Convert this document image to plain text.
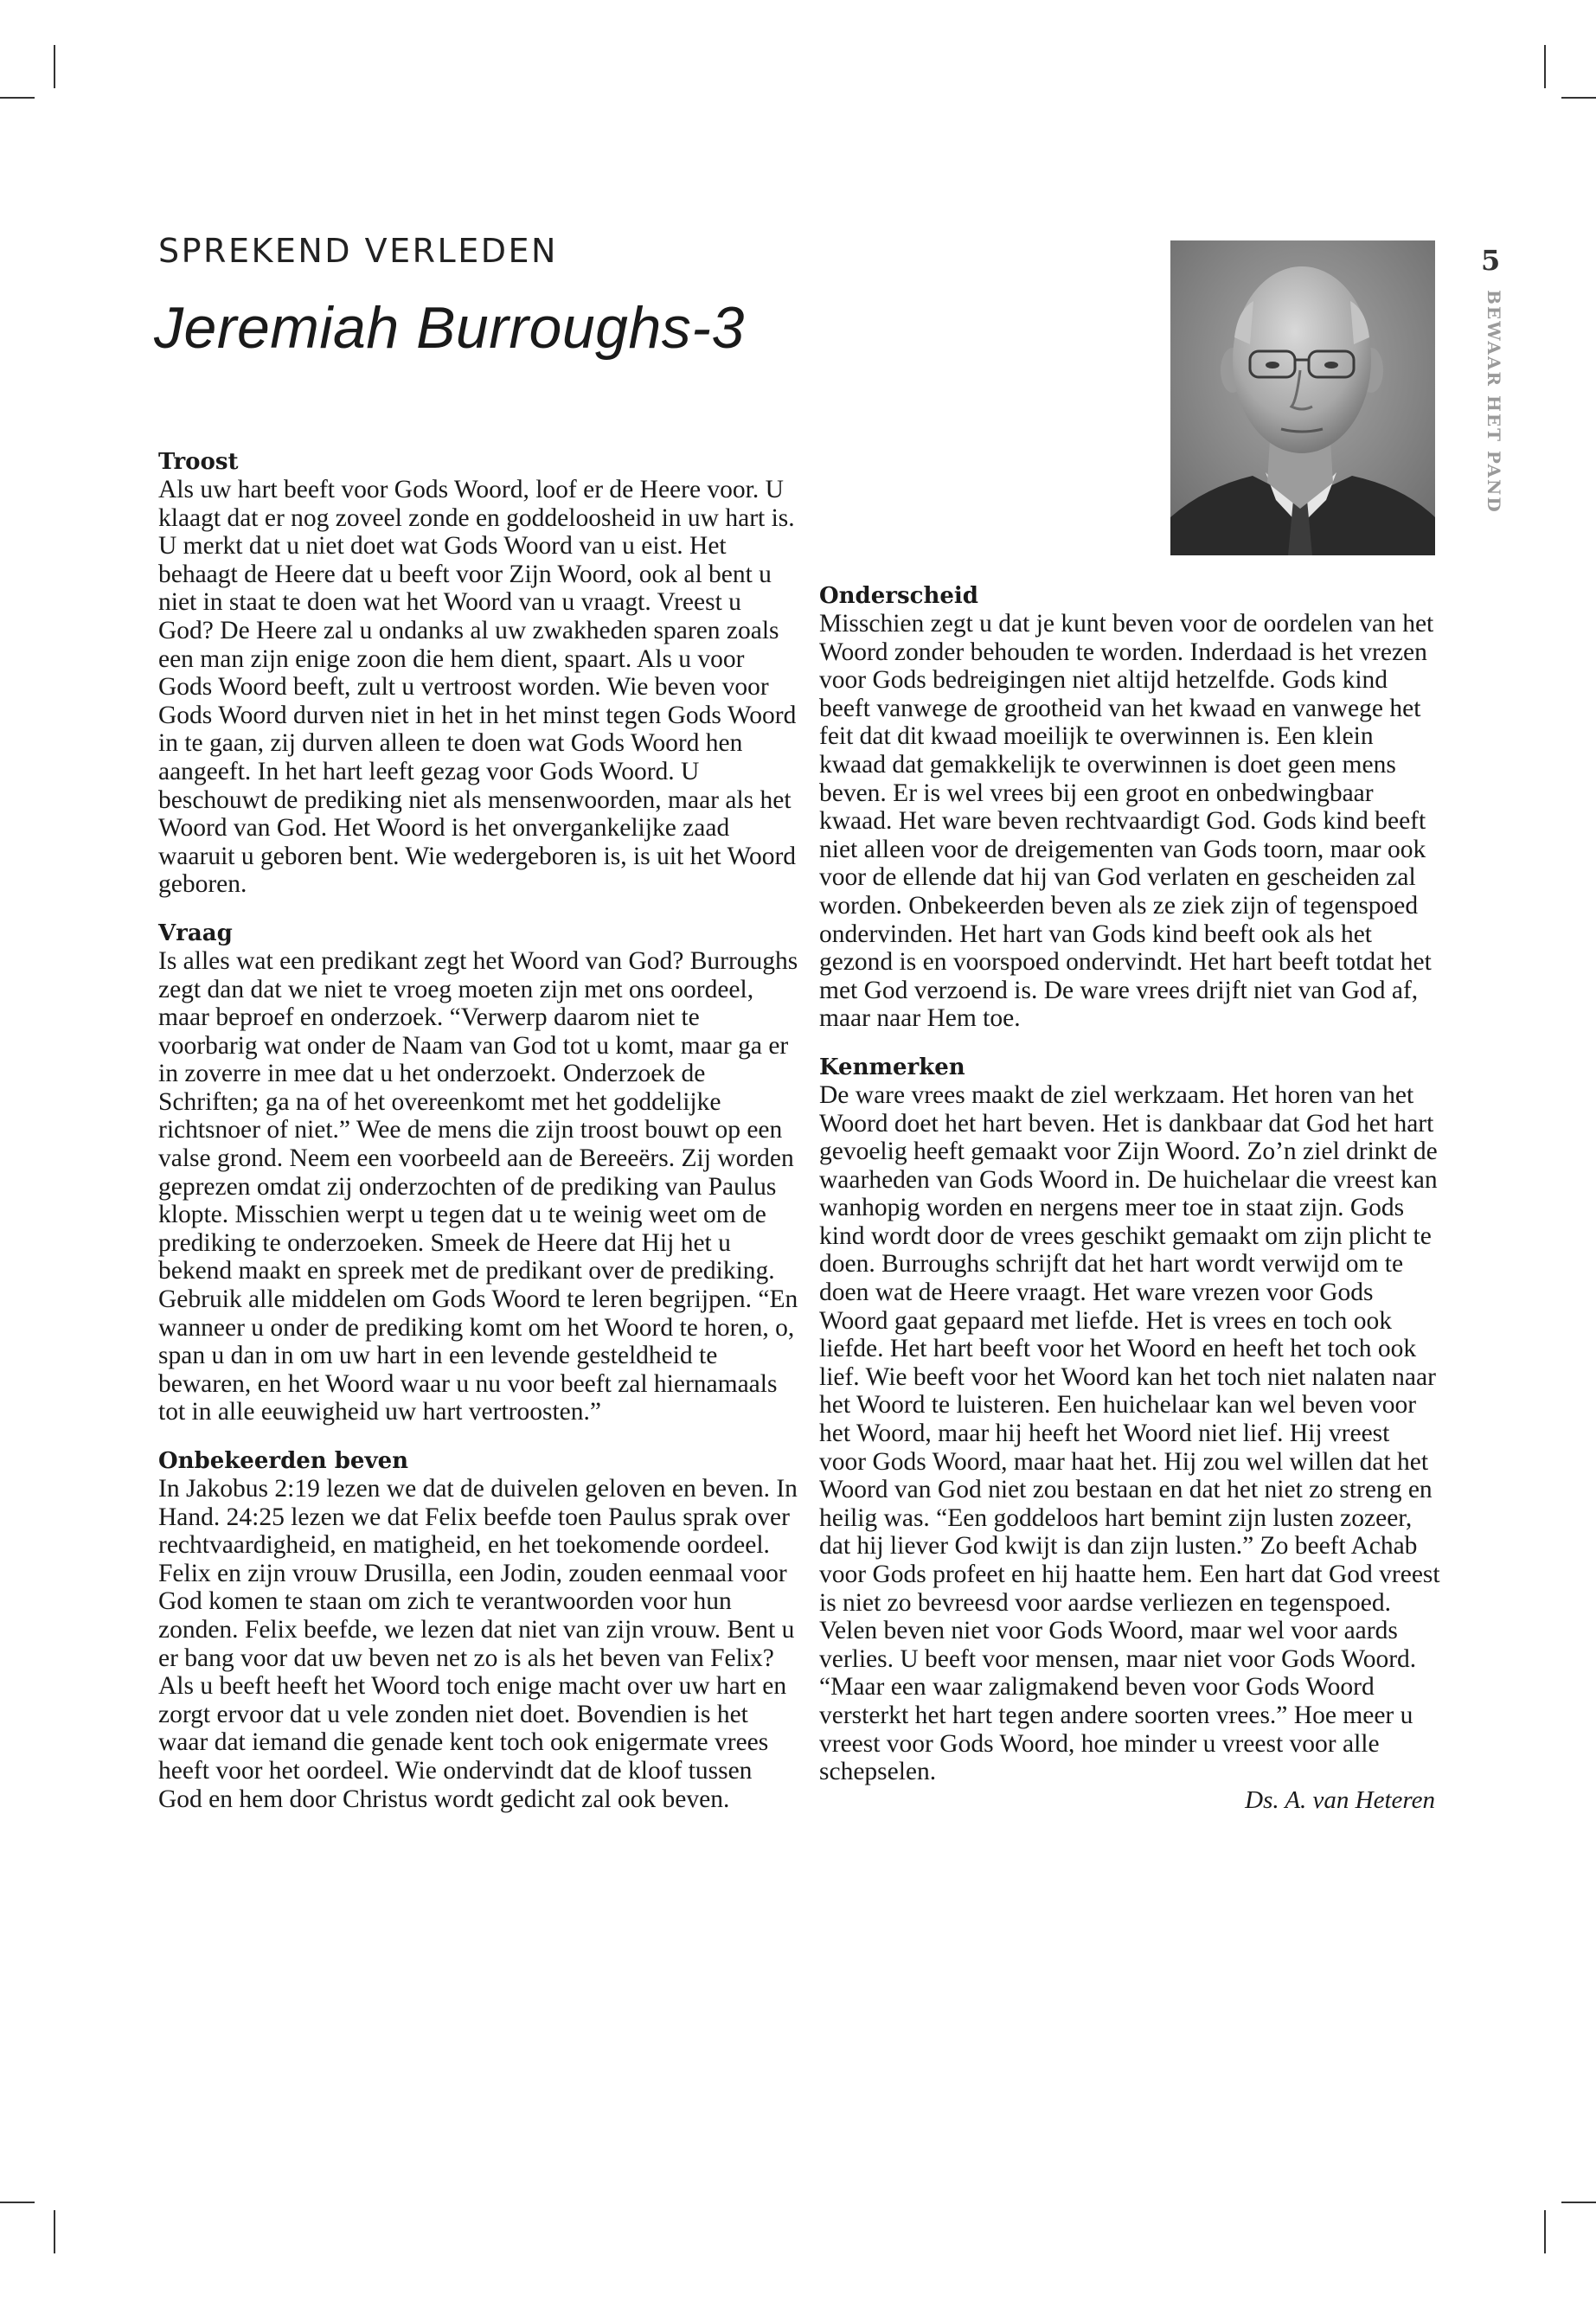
SPREKEND VERLEDEN
Jeremiah Burroughs-3
5
BEWAAR HET PAND

Troost

Als uw hart beeft voor Gods Woord, loof er de Heere voor. U klaagt dat er nog zoveel zonde en goddeloosheid in uw hart is. U merkt dat u niet doet wat Gods Woord van u eist. Het behaagt de Heere dat u beeft voor Zijn Woord, ook al bent u niet in staat te doen wat het Woord van u vraagt. Vreest u God? De Heere zal u ondanks al uw zwakheden sparen zoals een man zijn enige zoon die hem dient, spaart. Als u voor Gods Woord beeft, zult u vertroost worden. Wie beven voor Gods Woord durven niet in het in het minst tegen Gods Woord in te gaan, zij durven alleen te doen wat Gods Woord hen aangeeft. In het hart leeft gezag voor Gods Woord. U beschouwt de prediking niet als mensenwoorden, maar als het Woord van God. Het Woord is het onvergankelijke zaad waaruit u geboren bent. Wie wedergeboren is, is uit het Woord geboren.

Vraag

Is alles wat een predikant zegt het Woord van God? Burroughs zegt dan dat we niet te vroeg moeten zijn met ons oordeel, maar beproef en onderzoek. “Verwerp daarom niet te voorbarig wat onder de Naam van God tot u komt, maar ga er in zoverre in mee dat u het onderzoekt. Onderzoek de Schriften; ga na of het overeenkomt met het goddelijke richtsnoer of niet.” Wee de mens die zijn troost bouwt op een valse grond. Neem een voorbeeld aan de Bereeërs. Zij worden geprezen omdat zij onderzochten of de prediking van Paulus klopte. Misschien werpt u tegen dat u te weinig weet om de prediking te onderzoeken. Smeek de Heere dat Hij het u bekend maakt en spreek met de predikant over de prediking. Gebruik alle middelen om Gods Woord te leren begrijpen. “En wanneer u onder de prediking komt om het Woord te horen, o, span u dan in om uw hart in een levende gesteldheid te bewaren, en het Woord waar u nu voor beeft zal hiernamaals tot in alle eeuwigheid uw hart vertroosten.”

Onbekeerden beven

In Jakobus 2:19 lezen we dat de duivelen geloven en beven. In Hand. 24:25 lezen we dat Felix beefde toen Paulus sprak over rechtvaardigheid, en matigheid, en het toekomende oordeel. Felix en zijn vrouw Drusilla, een Jodin, zouden eenmaal voor God komen te staan om zich te verantwoorden voor hun zonden. Felix beefde, we lezen dat niet van zijn vrouw. Bent u er bang voor dat uw beven net zo is als het beven van Felix? Als u beeft heeft het Woord toch enige macht over uw hart en zorgt ervoor dat u vele zonden niet doet. Bovendien is het waar dat iemand die genade kent toch ook enigermate vrees heeft voor het oordeel. Wie ondervindt dat de kloof tussen God en hem door Christus wordt gedicht zal ook beven.

Onderscheid

Misschien zegt u dat je kunt beven voor de oordelen van het Woord zonder behouden te worden. Inderdaad is het vrezen voor Gods bedreigingen niet altijd hetzelfde. Gods kind beeft vanwege de grootheid van het kwaad en vanwege het feit dat dit kwaad moeilijk te overwinnen is. Een klein kwaad dat gemakkelijk te overwinnen is doet geen mens beven. Er is wel vrees bij een groot en onbedwingbaar kwaad. Het ware beven rechtvaardigt God. Gods kind beeft niet alleen voor de dreigementen van Gods toorn, maar ook voor de ellende dat hij van God verlaten en gescheiden zal worden. Onbekeerden beven als ze ziek zijn of tegenspoed ondervinden. Het hart van Gods kind beeft ook als het gezond is en voorspoed ondervindt. Het hart beeft totdat het met God verzoend is. De ware vrees drijft niet van God af, maar naar Hem toe.

Kenmerken

De ware vrees maakt de ziel werkzaam. Het horen van het Woord doet het hart beven. Het is dankbaar dat God het hart gevoelig heeft gemaakt voor Zijn Woord. Zo’n ziel drinkt de waarheden van Gods Woord in. De huichelaar die vreest kan wanhopig worden en nergens meer toe in staat zijn. Gods kind wordt door de vrees geschikt gemaakt om zijn plicht te doen. Burroughs schrijft dat het hart wordt verwijd om te doen wat de Heere vraagt. Het ware vrezen voor Gods Woord gaat gepaard met liefde. Het is vrees en toch ook liefde. Het hart beeft voor het Woord en heeft het toch ook lief. Wie beeft voor het Woord kan het toch niet nalaten naar het Woord te luisteren. Een huichelaar kan wel beven voor het Woord, maar hij heeft het Woord niet lief. Hij vreest voor Gods Woord, maar haat het. Hij zou wel willen dat het Woord van God niet zou bestaan en dat het niet zo streng en heilig was. “Een goddeloos hart bemint zijn lusten zozeer, dat hij liever God kwijt is dan zijn lusten.” Zo beeft Achab voor Gods profeet en hij haatte hem. Een hart dat God vreest is niet zo bevreesd voor aardse verliezen en tegenspoed. Velen beven niet voor Gods Woord, maar wel voor aards verlies. U beeft voor mensen, maar niet voor Gods Woord. “Maar een waar zaligmakend beven voor Gods Woord versterkt het hart tegen andere soorten vrees.” Hoe meer u vreest voor Gods Woord, hoe minder u vreest voor alle schepselen.

Ds. A. van Heteren
